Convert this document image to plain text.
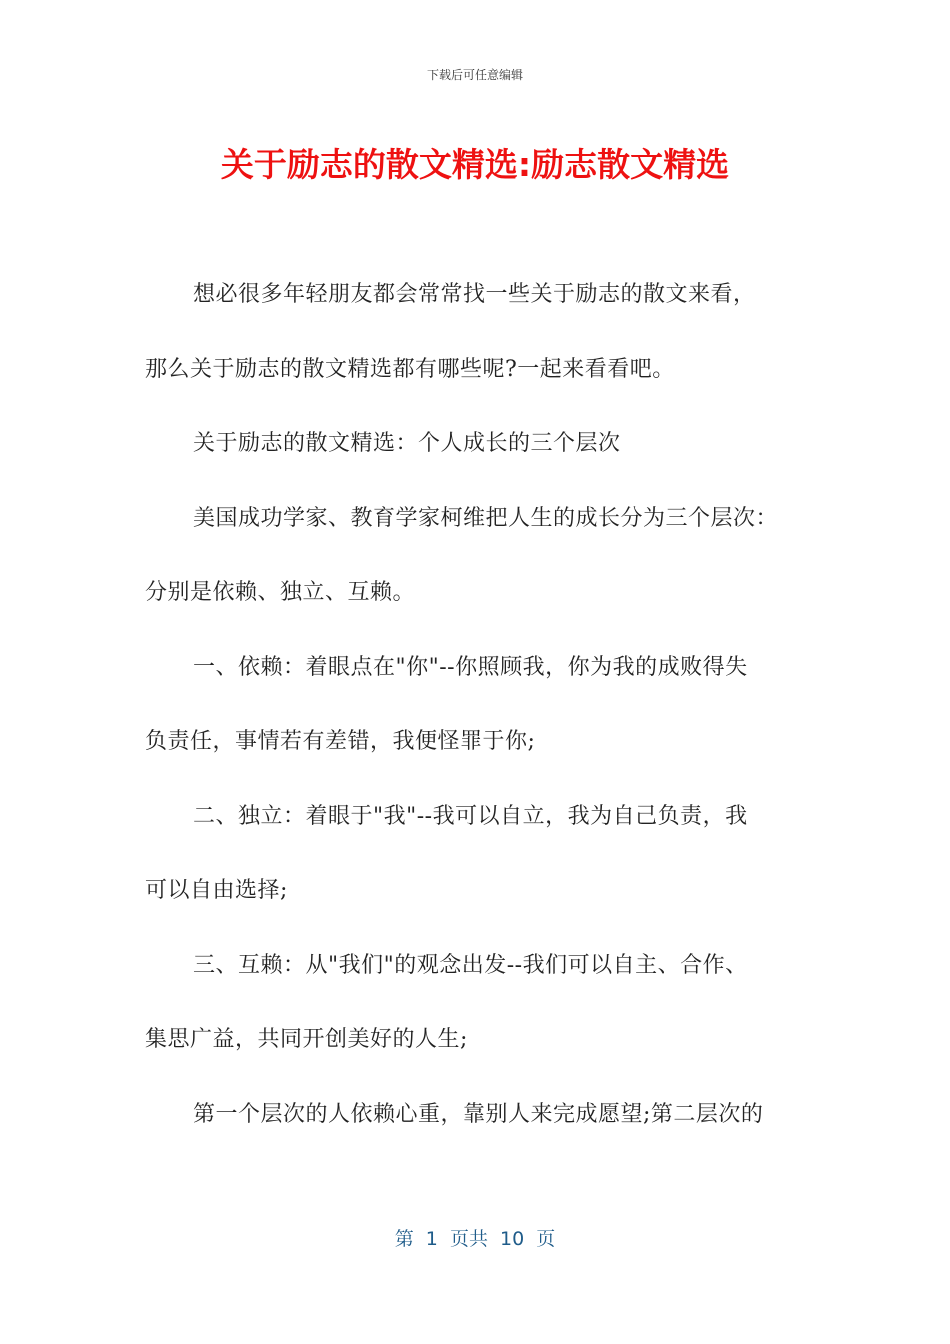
下载后可任意编辑
关于励志的散文精选:励志散文精选
想必很多年轻朋友都会常常找一些关于励志的散文来看，
那么关于励志的散文精选都有哪些呢?一起来看看吧。
关于励志的散文精选：个人成长的三个层次
美国成功学家、教育学家柯维把人生的成长分为三个层次：
分别是依赖、独立、互赖。
一、依赖：着眼点在"你"--你照顾我，你为我的成败得失
负责任，事情若有差错，我便怪罪于你;
二、独立：着眼于"我"--我可以自立，我为自己负责，我
可以自由选择;
三、互赖：从"我们"的观念出发--我们可以自主、合作、
集思广益，共同开创美好的人生;
第一个层次的人依赖心重，靠别人来完成愿望;第二层次的
第 1 页共 10 页
